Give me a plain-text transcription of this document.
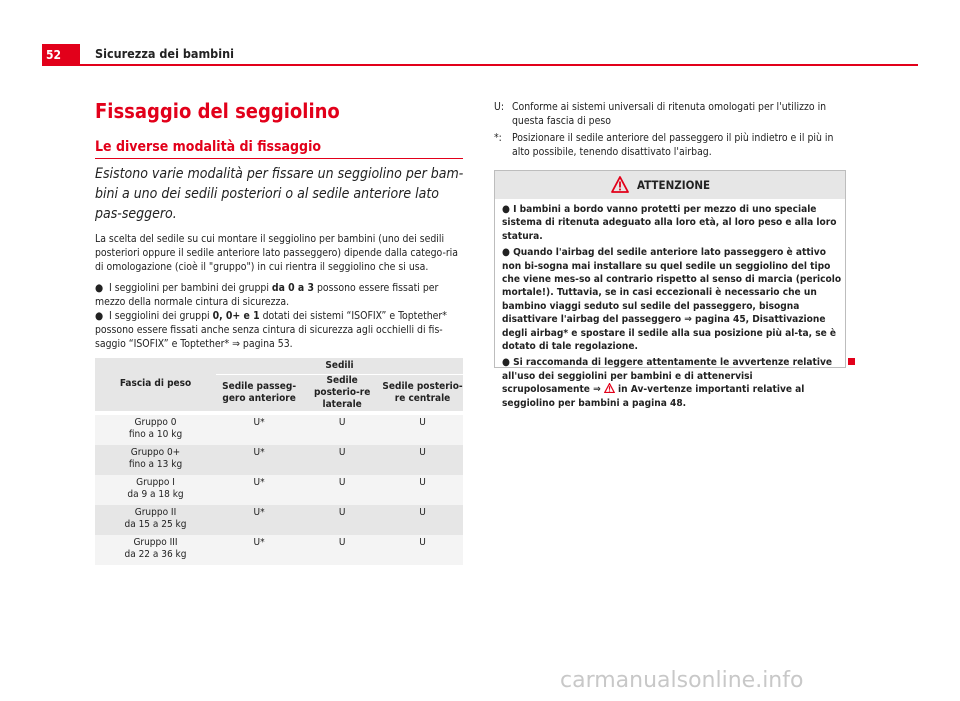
52	Sicurezza dei bambini
Fissaggio del seggiolino
Le diverse modalità di fissaggio
Esistono varie modalità per fissare un seggiolino per bam-bini a uno dei sedili posteriori o al sedile anteriore lato pas-seggero.
La scelta del sedile su cui montare il seggiolino per bambini (uno dei sedili posteriori oppure il sedile anteriore lato passeggero) dipende dalla catego-ria di omologazione (cioè il "gruppo") in cui rientra il seggiolino che si usa.
● I seggiolini per bambini dei gruppi da 0 a 3 possono essere fissati per mezzo della normale cintura di sicurezza.
● I seggiolini dei gruppi 0, 0+ e 1 dotati dei sistemi “ISOFIX” e Toptether* possono essere fissati anche senza cintura di sicurezza agli occhielli di fis-saggio “ISOFIX” e Toptether* ⇒ pagina 53.
Fascia di peso	Sedili		
	Sedile passeg-gero anteriore	Sedile posterio-re laterale	Sedile posterio-re centrale

Gruppo 0
fino a 10 kg	U*	U	U
Gruppo 0+
fino a 13 kg	U*	U	U
Gruppo I
da 9 a 18 kg	U*	U	U
Gruppo II
da 15 a 25 kg	U*	U	U
Gruppo III
da 22 a 36 kg	U*	U	U
U: Conforme ai sistemi universali di ritenuta omologati per l'utilizzo in questa fascia di peso
*: Posizionare il sedile anteriore del passeggero il più indietro e il più in alto possibile, tenendo disattivato l'airbag.
ATTENZIONE

● I bambini a bordo vanno protetti per mezzo di uno speciale sistema di ritenuta adeguato alla loro età, al loro peso e alla loro statura.

● Quando l'airbag del sedile anteriore lato passeggero è attivo non bi-sogna mai installare su quel sedile un seggiolino del tipo che viene mes-so al contrario rispetto al senso di marcia (pericolo mortale!). Tuttavia, se in casi eccezionali è necessario che un bambino viaggi seduto sul sedile del passeggero, bisogna disattivare l'airbag del passeggero ⇒ pagina 45, Disattivazione degli airbag* e spostare il sedile alla sua posizione più al-ta, se è dotato di tale regolazione.

● Si raccomanda di leggere attentamente le avvertenze relative all'uso dei seggiolini per bambini e di attenervisi scrupolosamente ⇒  in Av-vertenze importanti relative al seggiolino per bambini a pagina 48.

carmanualsonline.info
